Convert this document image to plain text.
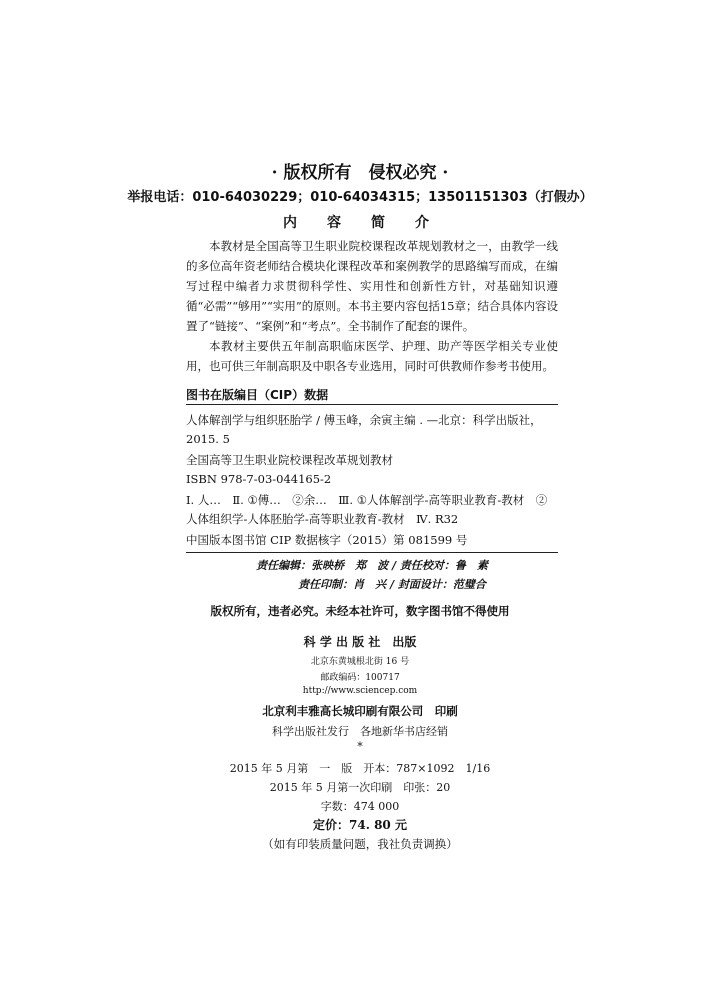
· 版权所有　侵权必究 ·
举报电话：010-64030229；010-64034315；13501151303（打假办）
内　容　简　介

本教材是全国高等卫生职业院校课程改革规划教材之一，由教学一线的多位高年资老师结合模块化课程改革和案例教学的思路编写而成，在编写过程中编者力求贯彻科学性、实用性和创新性方针，对基础知识遵循“必需”“够用”“实用”的原则。本书主要内容包括15章；结合具体内容设置了“链接”、“案例”和“考点”。全书制作了配套的课件。

本教材主要供五年制高职临床医学、护理、助产等医学相关专业使用，也可供三年制高职及中职各专业选用，同时可供教师作参考书使用。

图书在版编目（CIP）数据
人体解剖学与组织胚胎学 / 傅玉峰，余寅主编 . —北京：科学出版社，2015. 5
全国高等卫生职业院校课程改革规划教材
ISBN 978-7-03-044165-2
Ⅰ. 人…　Ⅱ. ①傅…　②余…　Ⅲ. ①人体解剖学-高等职业教育-教材　②人体组织学-人体胚胎学-高等职业教育-教材　Ⅳ. R32
中国版本图书馆 CIP 数据核字（2015）第 081599 号
责任编辑：张映桥　郑　波 / 责任校对：鲁　素
责任印制：肖　兴 / 封面设计：范璧合
版权所有，违者必究。未经本社许可，数字图书馆不得使用
科 学 出 版 社　出版
北京东黄城根北街 16 号
邮政编码：100717
http://www.sciencep.com
北京利丰雅高长城印刷有限公司　印刷
科学出版社发行　各地新华书店经销
*
2015 年 5 月第　一　版　开本：787×1092　1/16
2015 年 5 月第一次印刷　印张：20
字数：474 000
定价：74. 80 元
（如有印装质量问题，我社负责调换）
